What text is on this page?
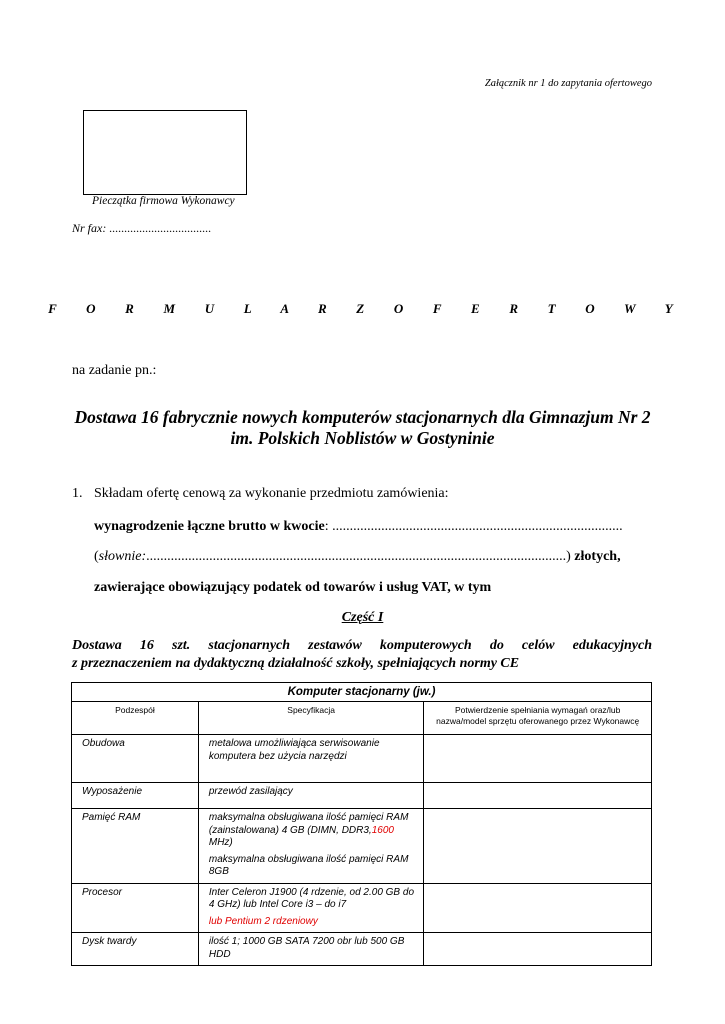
Załącznik nr 1 do zapytania ofertowego
Pieczątka firmowa Wykonawcy
Nr fax: ..................................
F O R M U L A R Z O F E R T O W Y
na zadanie pn.:
Dostawa 16 fabrycznie nowych komputerów stacjonarnych dla Gimnazjum Nr 2
im. Polskich Noblistów w Gostyninie
1. Składam ofertę cenową za wykonanie przedmiotu zamówienia:
wynagrodzenie łączne brutto w kwocie: ...................................................................................
(słownie:........................................................................................................................) złotych,
zawierające obowiązujący podatek od towarów i usług VAT, w tym
Część I
Dostawa 16 szt. stacjonarnych zestawów komputerowych do celów edukacyjnych
z przeznaczeniem na dydaktyczną działalność szkoły, spełniających normy CE
Komputer stacjonarny (jw.)		
Podzespół	Specyfikacja	Potwierdzenie spełniania wymagań oraz/lub nazwa/model sprzętu oferowanego przez Wykonawcę
Obudowa	metalowa umożliwiająca serwisowanie komputera bez użycia narzędzi	

Wyposażenie	przewód zasilający	

Pamięć RAM	maksymalna obsługiwana ilość pamięci RAM (zainstalowana) 4 GB (DIMN, DDR3,1600 MHz)

maksymalna obsługiwana ilość pamięci RAM 8GB	

Procesor	Inter Celeron J1900 (4 rdzenie, od 2.00 GB do 4 GHz) lub Intel Core i3 – do i7

lub Pentium 2 rdzeniowy	

Dysk twardy	ilość 1; 1000 GB SATA 7200 obr lub 500 GB HDD	
